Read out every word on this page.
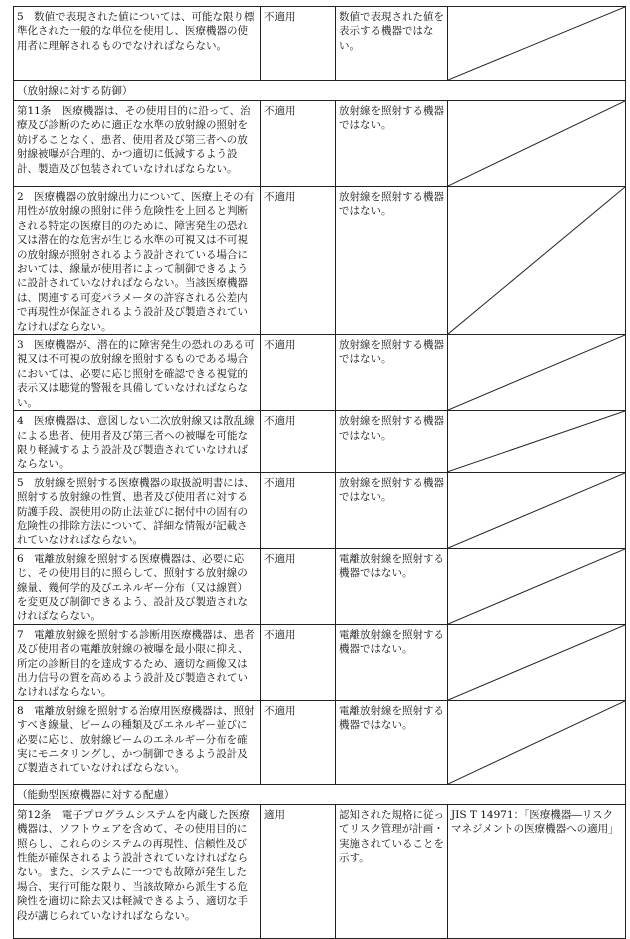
5　数値で表現された値については、可能な限り標準化された一般的な単位を使用し、医療機器の使用者に理解されるものでなければならない。	不適用	数値で表現された値を表示する機器ではない。	

（放射線に対する防御）			
第11条　医療機器は、その使用目的に沿って、治療及び診断のために適正な水準の放射線の照射を妨げることなく、患者、使用者及び第三者への放射線被曝が合理的、かつ適切に低減するよう設計、製造及び包装されていなければならない。	不適用	放射線を照射する機器ではない。	

2　医療機器の放射線出力について、医療上その有用性が放射線の照射に伴う危険性を上回ると判断される特定の医療目的のために、障害発生の恐れ又は潜在的な危害が生じる水準の可視又は不可視の放射線が照射されるよう設計されている場合においては、線量が使用者によって制御できるように設計されていなければならない。当該医療機器は、関連する可変パラメータの許容される公差内で再現性が保証されるよう設計及び製造されていなければならない。	不適用	放射線を照射する機器ではない。	

3　医療機器が、潜在的に障害発生の恐れのある可視又は不可視の放射線を照射するものである場合においては、必要に応じ照射を確認できる視覚的表示又は聴覚的警報を具備していなければならない。	不適用	放射線を照射する機器ではない。	

4　医療機器は、意図しない二次放射線又は散乱線による患者、使用者及び第三者への被曝を可能な限り軽減するよう設計及び製造されていなければならない。	不適用	放射線を照射する機器ではない。	

5　放射線を照射する医療機器の取扱説明書には、照射する放射線の性質、患者及び使用者に対する防護手段、誤使用の防止法並びに据付中の固有の危険性の排除方法について、詳細な情報が記載されていなければならない。	不適用	放射線を照射する機器ではない。	

6　電離放射線を照射する医療機器は、必要に応じ、その使用目的に照らして、照射する放射線の線量、幾何学的及びエネルギー分布（又は線質）を変更及び制御できるよう、設計及び製造されなければならない。	不適用	電離放射線を照射する機器ではない。	

7　電離放射線を照射する診断用医療機器は、患者及び使用者の電離放射線の被曝を最小限に抑え、所定の診断目的を達成するため、適切な画像又は出力信号の質を高めるよう設計及び製造されていなければならない。	不適用	電離放射線を照射する機器ではない。	

8　電離放射線を照射する治療用医療機器は、照射すべき線量、ビームの種類及びエネルギー並びに必要に応じ、放射線ビームのエネルギー分布を確実にモニタリングし、かつ制御できるよう設計及び製造されていなければならない。	不適用	電離放射線を照射する機器ではない。	

（能動型医療機器に対する配慮）			
第12条　電子プログラムシステムを内蔵した医療機器は、ソフトウェアを含めて、その使用目的に照らし、これらのシステムの再現性、信頼性及び性能が確保されるよう設計されていなければならない。また、システムに一つでも故障が発生した場合、実行可能な限り、当該故障から派生する危険性を適切に除去又は軽減できるよう、適切な手段が講じられていなければならない。	適用	認知された規格に従ってリスク管理が計画・実施されていることを示す。	JIS T 14971：「医療機器―リスクマネジメントの医療機器への適用」
